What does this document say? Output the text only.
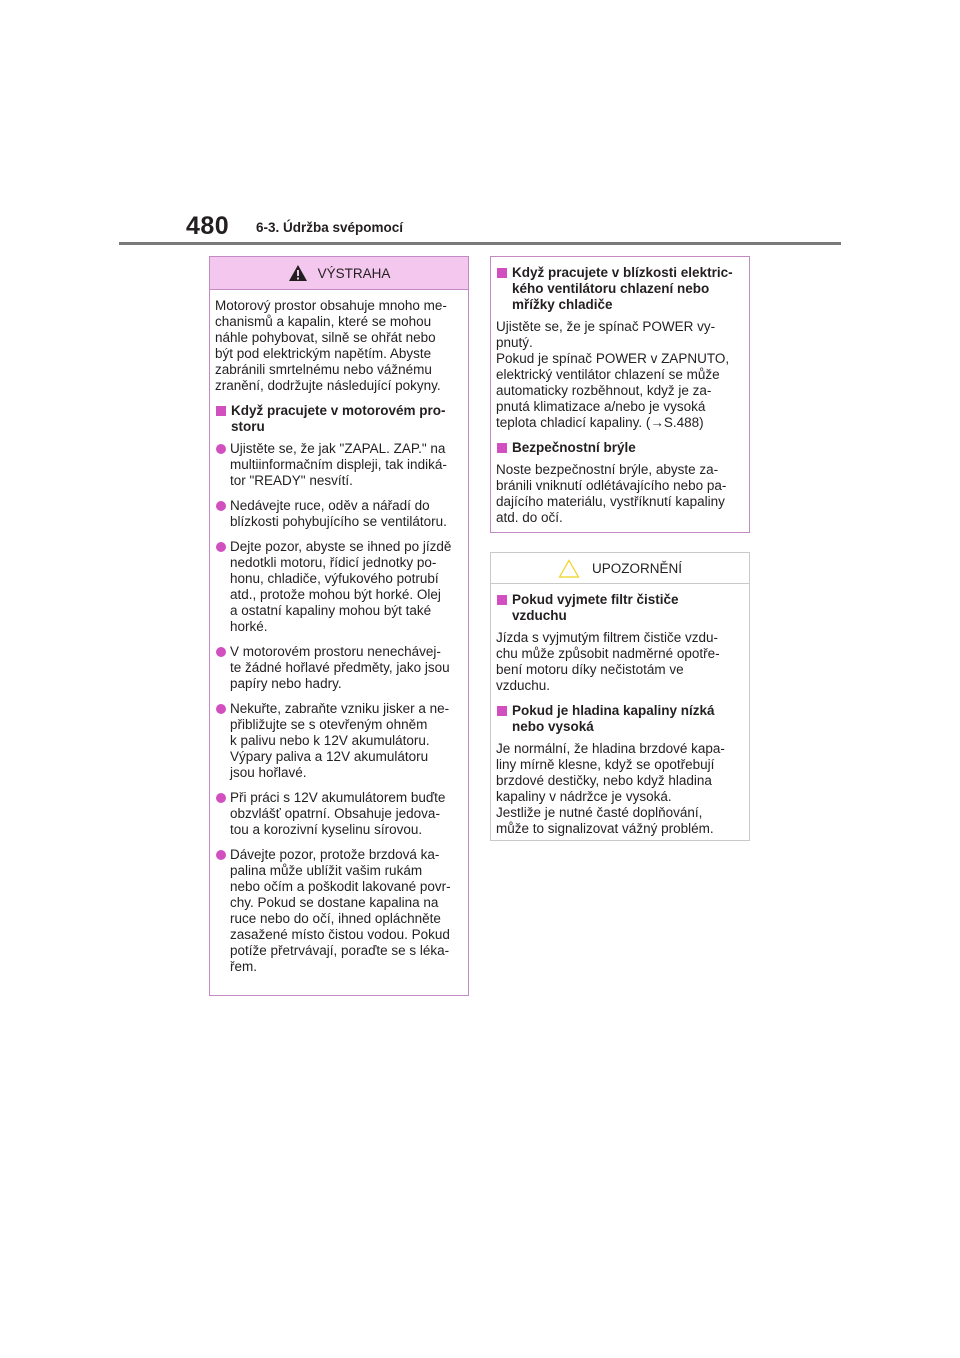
480 6-3. Údržba svépomocí
VÝSTRAHA

Motorový prostor obsahuje mnoho me-
chanismů a kapalin, které se mohou
náhle pohybovat, silně se ohřát nebo
být pod elektrickým napětím. Abyste
zabránili smrtelnému nebo vážnému
zranění, dodržujte následující pokyny.

Když pracujete v motorovém pro-
storu
Ujistěte se, že jak "ZAPAL. ZAP." na
multiinformačním displeji, tak indiká-
tor "READY" nesvítí.
Nedávejte ruce, oděv a nářadí do
blízkosti pohybujícího se ventilátoru.
Dejte pozor, abyste se ihned po jízdě
nedotkli motoru, řídicí jednotky po-
honu, chladiče, výfukového potrubí
atd., protože mohou být horké. Olej
a ostatní kapaliny mohou být také
horké.
V motorovém prostoru nenechávej-
te žádné hořlavé předměty, jako jsou
papíry nebo hadry.
Nekuřte, zabraňte vzniku jisker a ne-
přibližujte se s otevřeným ohněm
k palivu nebo k 12V akumulátoru.
Výpary paliva a 12V akumulátoru
jsou hořlavé.
Při práci s 12V akumulátorem buďte
obzvlášť opatrní. Obsahuje jedova-
tou a korozivní kyselinu sírovou.
Dávejte pozor, protože brzdová ka-
palina může ublížit vašim rukám
nebo očím a poškodit lakované povr-
chy. Pokud se dostane kapalina na
ruce nebo do očí, ihned opláchněte
zasažené místo čistou vodou. Pokud
potíže přetrvávají, poraďte se s léka-
řem.
Když pracujete v blízkosti elektric-
kého ventilátoru chlazení nebo
mřížky chladiče

Ujistěte se, že je spínač POWER vy-
pnutý.
Pokud je spínač POWER v ZAPNUTO,
elektrický ventilátor chlazení se může
automaticky rozběhnout, když je za-
pnutá klimatizace a/nebo je vysoká
teplota chladicí kapaliny. (→S.488)

Bezpečnostní brýle

Noste bezpečnostní brýle, abyste za-
bránili vniknutí odlétávajícího nebo pa-
dajícího materiálu, vystříknutí kapaliny
atd. do očí.

UPOZORNĚNÍ
Pokud vyjmete filtr čističe
vzduchu

Jízda s vyjmutým filtrem čističe vzdu-
chu může způsobit nadměrné opotře-
bení motoru díky nečistotám ve
vzduchu.

Pokud je hladina kapaliny nízká
nebo vysoká

Je normální, že hladina brzdové kapa-
liny mírně klesne, když se opotřebují
brzdové destičky, nebo když hladina
kapaliny v nádržce je vysoká.
Jestliže je nutné časté doplňování,
může to signalizovat vážný problém.
